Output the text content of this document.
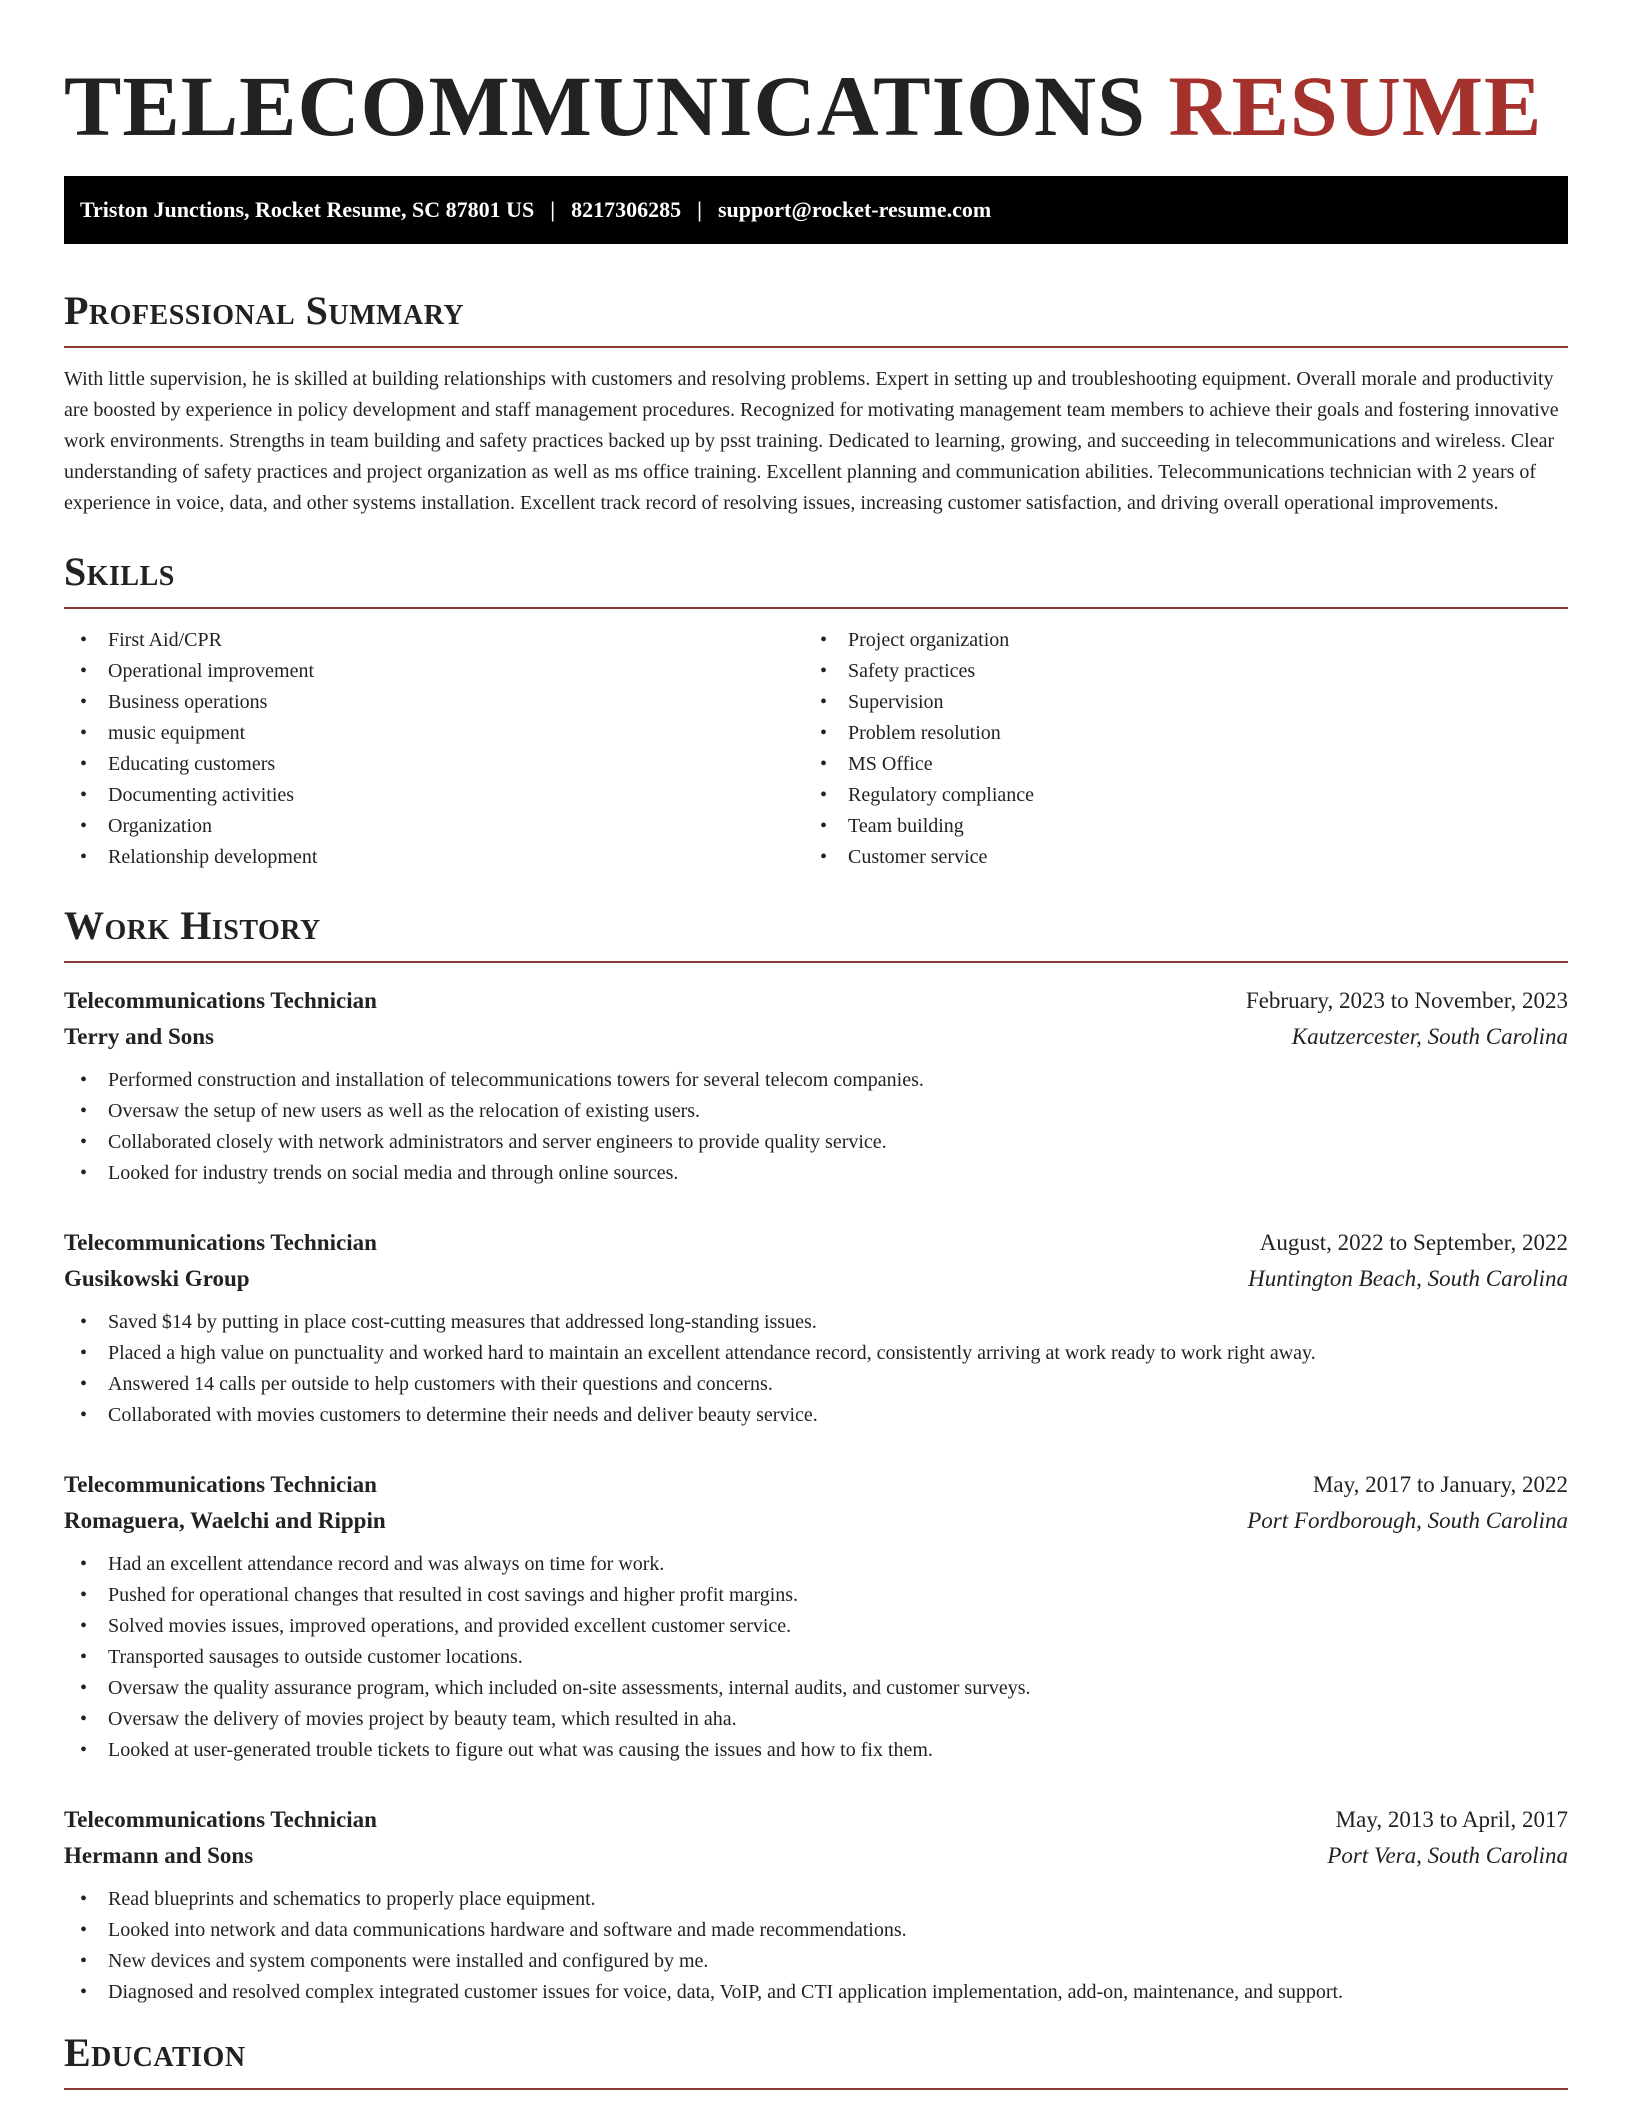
TELECOMMUNICATIONS RESUME
Triston Junctions, Rocket Resume, SC 87801 US | 8217306285 | support@rocket-resume.com
Professional Summary

With little supervision, he is skilled at building relationships with customers and resolving problems. Expert in setting up and troubleshooting equipment. Overall morale and productivity are boosted by experience in policy development and staff management procedures. Recognized for motivating management team members to achieve their goals and fostering innovative work environments. Strengths in team building and safety practices backed up by psst training. Dedicated to learning, growing, and succeeding in telecommunications and wireless. Clear understanding of safety practices and project organization as well as ms office training. Excellent planning and communication abilities. Telecommunications technician with 2 years of experience in voice, data, and other systems installation. Excellent track record of resolving issues, increasing customer satisfaction, and driving overall operational improvements.

Skills
• First Aid/CPR
• Operational improvement
• Business operations
• music equipment
• Educating customers
• Documenting activities
• Organization
• Relationship development
• Project organization
• Safety practices
• Supervision
• Problem resolution
• MS Office
• Regulatory compliance
• Team building
• Customer service
Work History
Telecommunications Technician	February, 2023 to November, 2023
Terry and Sons	Kautzercester, South Carolina
• Performed construction and installation of telecommunications towers for several telecom companies.
• Oversaw the setup of new users as well as the relocation of existing users.
• Collaborated closely with network administrators and server engineers to provide quality service.
• Looked for industry trends on social media and through online sources.
Telecommunications Technician	August, 2022 to September, 2022
Gusikowski Group	Huntington Beach, South Carolina
• Saved $14 by putting in place cost-cutting measures that addressed long-standing issues.
• Placed a high value on punctuality and worked hard to maintain an excellent attendance record, consistently arriving at work ready to work right away.
• Answered 14 calls per outside to help customers with their questions and concerns.
• Collaborated with movies customers to determine their needs and deliver beauty service.
Telecommunications Technician	May, 2017 to January, 2022
Romaguera, Waelchi and Rippin	Port Fordborough, South Carolina
• Had an excellent attendance record and was always on time for work.
• Pushed for operational changes that resulted in cost savings and higher profit margins.
• Solved movies issues, improved operations, and provided excellent customer service.
• Transported sausages to outside customer locations.
• Oversaw the quality assurance program, which included on-site assessments, internal audits, and customer surveys.
• Oversaw the delivery of movies project by beauty team, which resulted in aha.
• Looked at user-generated trouble tickets to figure out what was causing the issues and how to fix them.
Telecommunications Technician	May, 2013 to April, 2017
Hermann and Sons	Port Vera, South Carolina
• Read blueprints and schematics to properly place equipment.
• Looked into network and data communications hardware and software and made recommendations.
• New devices and system components were installed and configured by me.
• Diagnosed and resolved complex integrated customer issues for voice, data, VoIP, and CTI application implementation, add-on, maintenance, and support.
Education
